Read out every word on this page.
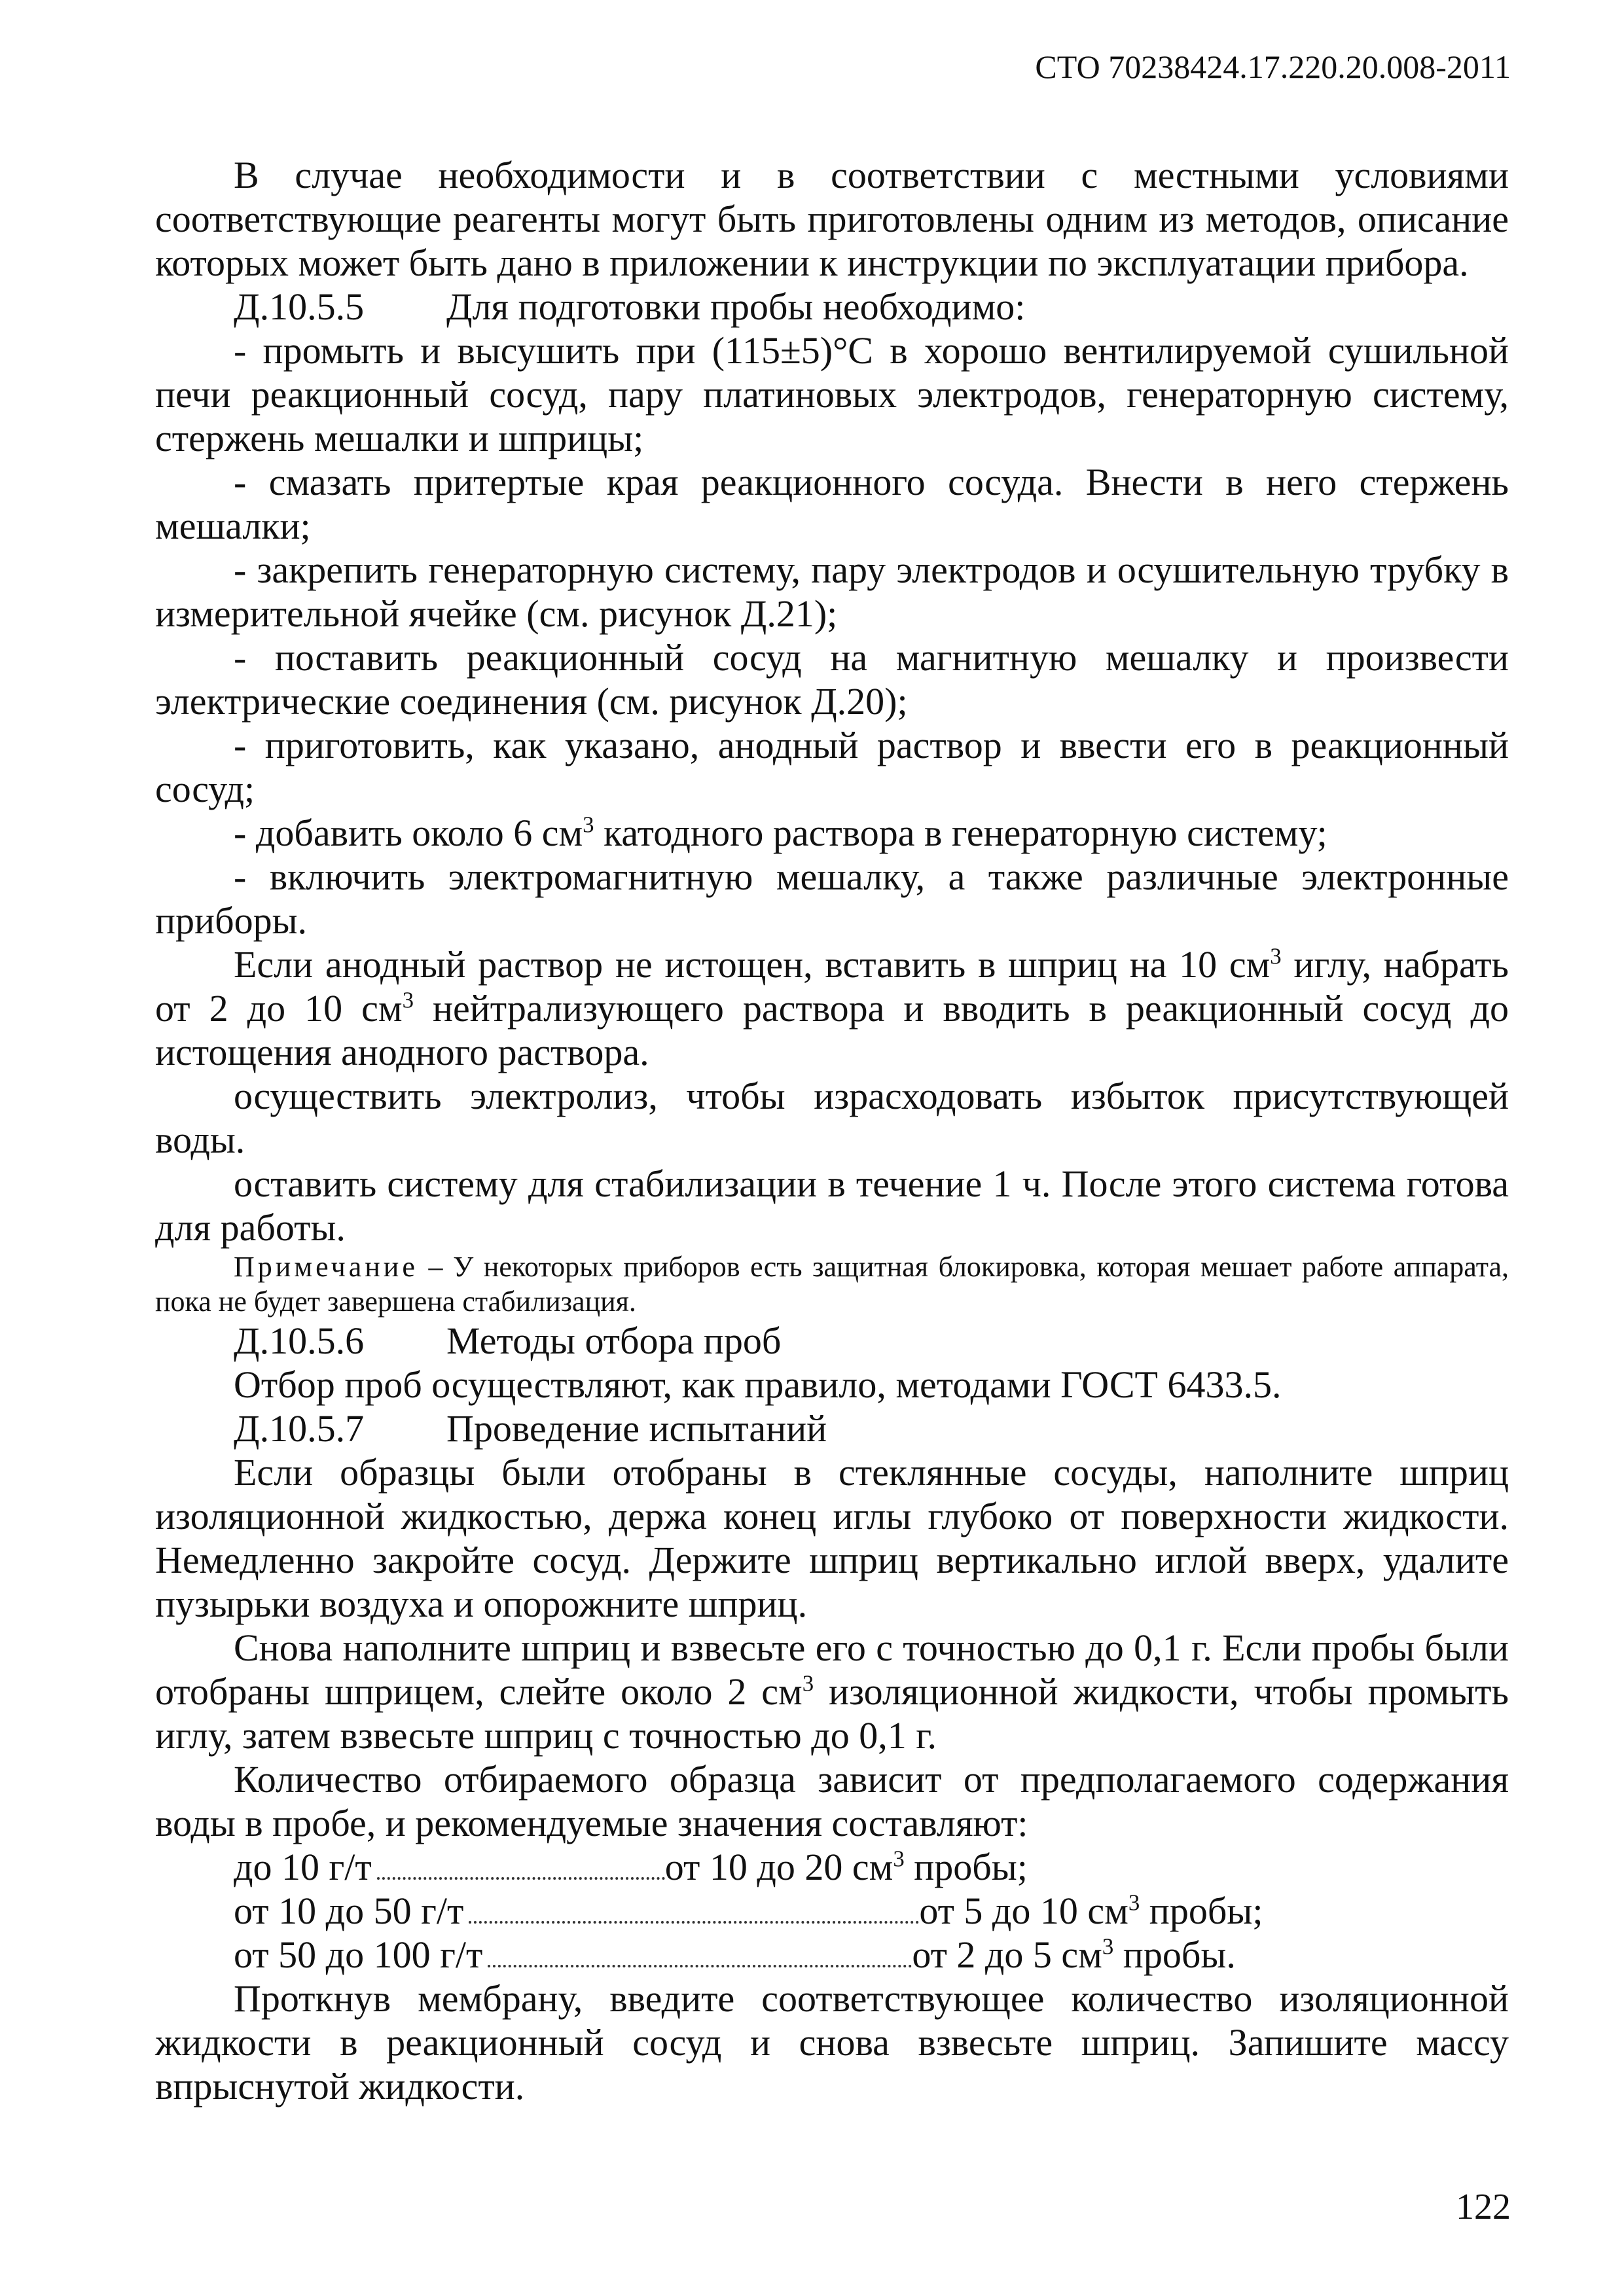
СТО 70238424.17.220.20.008-2011

В случае необходимости и в соответствии с местными условиями соответствующие реагенты могут быть приготовлены одним из методов, описание которых может быть дано в приложении к инструкции по эксплуатации прибора.

Д.10.5.5 Для подготовки пробы необходимо:

- промыть и высушить при (115±5)°С в хорошо вентилируемой сушильной печи реакционный сосуд, пару платиновых электродов, генераторную систему, стержень мешалки и шприцы;

- смазать притертые края реакционного сосуда. Внести в него стержень мешалки;

- закрепить генераторную систему, пару электродов и осушительную трубку в измерительной ячейке (см. рисунок Д.21);

- поставить реакционный сосуд на магнитную мешалку и произвести электрические соединения (см. рисунок Д.20);

- приготовить, как указано, анодный раствор и ввести его в реакционный сосуд;

- добавить около 6 $см^3$ катодного раствора в генераторную систему;

- включить электромагнитную мешалку, а также различные электронные приборы.

Если анодный раствор не истощен, вставить в шприц на 10 $см^3$ иглу, набрать от 2 до 10 $см^3$ нейтрализующего раствора и вводить в реакционный сосуд до истощения анодного раствора.

осуществить электролиз, чтобы израсходовать избыток присутствующей воды.

оставить систему для стабилизации в течение 1 ч. После этого система готова для работы.

Примечание – У некоторых приборов есть защитная блокировка, которая мешает работе аппарата, пока не будет завершена стабилизация.

Д.10.5.6 Методы отбора проб

Отбор проб осуществляют, как правило, методами ГОСТ 6433.5.

Д.10.5.7 Проведение испытаний

Если образцы были отобраны в стеклянные сосуды, наполните шприц изоляционной жидкостью, держа конец иглы глубоко от поверхности жидкости. Немедленно закройте сосуд. Держите шприц вертикально иглой вверх, удалите пузырьки воздуха и опорожните шприц.

Снова наполните шприц и взвесьте его с точностью до 0,1 г. Если пробы были отобраны шприцем, слейте около 2 $см^3$ изоляционной жидкости, чтобы промыть иглу, затем взвесьте шприц с точностью до 0,1 г.

Количество отбираемого образца зависит от предполагаемого содержания воды в пробе, и рекомендуемые значения составляют:

до 10 г/т	от 10 до 20 $см^3$ пробы;

от 10 до 50 г/т	от 5 до 10 $см^3$ пробы;

от 50 до 100 г/т	от 2 до 5 $см^3$ пробы.

Проткнув мембрану, введите соответствующее количество изоляционной жидкости в реакционный сосуд и снова взвесьте шприц. Запишите массу впрыснутой жидкости.

122
